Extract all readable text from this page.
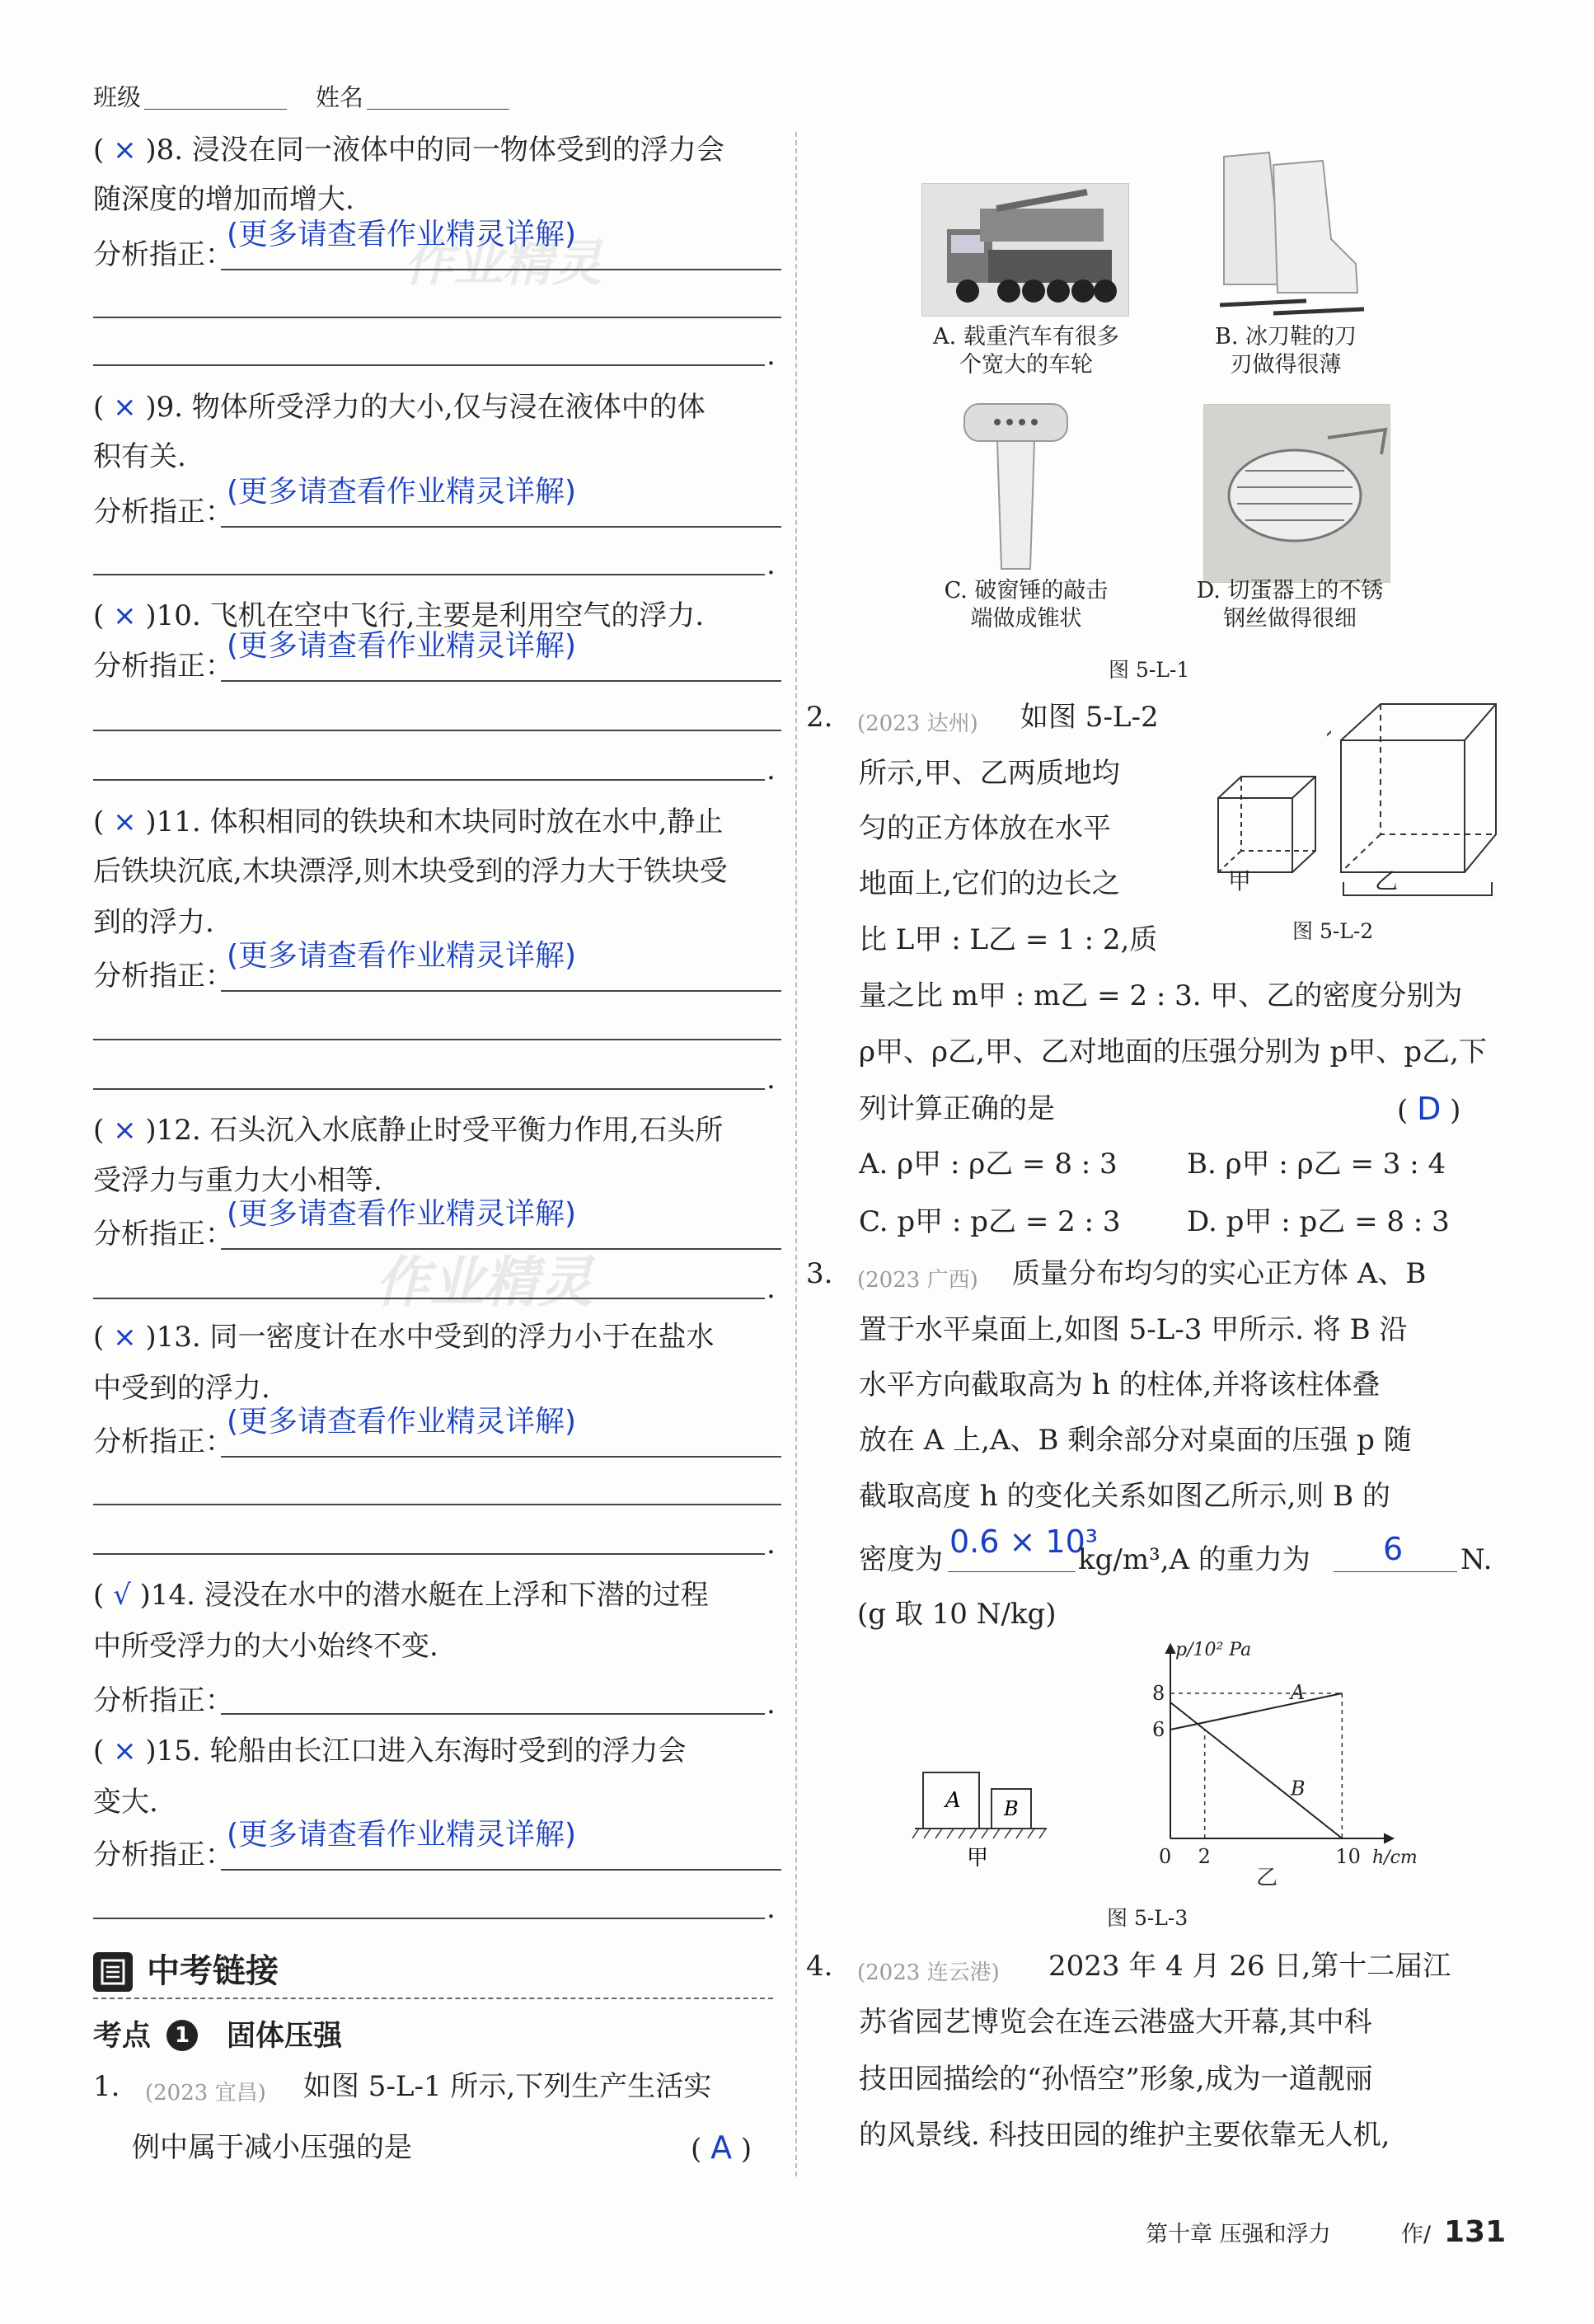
作业精灵
作业精灵
班级	姓名
( × )8. 浸没在同一液体中的同一物体受到的浮力会
随深度的增加而增大.
分析指正：
(更多请查看作业精灵详解)
.
( × )9. 物体所受浮力的大小,仅与浸在液体中的体
积有关.
分析指正：
(更多请查看作业精灵详解)
.
( × )10. 飞机在空中飞行,主要是利用空气的浮力.
分析指正：
(更多请查看作业精灵详解)
.
( × )11. 体积相同的铁块和木块同时放在水中,静止
后铁块沉底,木块漂浮,则木块受到的浮力大于铁块受
到的浮力.
分析指正：
(更多请查看作业精灵详解)
.
( × )12. 石头沉入水底静止时受平衡力作用,石头所
受浮力与重力大小相等.
分析指正：
(更多请查看作业精灵详解)
.
( × )13. 同一密度计在水中受到的浮力小于在盐水
中受到的浮力.
分析指正：
(更多请查看作业精灵详解)
.
( √ )14. 浸没在水中的潜水艇在上浮和下潜的过程
中所受浮力的大小始终不变.
分析指正：	.
( × )15. 轮船由长江口进入东海时受到的浮力会
变大.
分析指正：
(更多请查看作业精灵详解)
.
中考链接
考点	1 固体压强
1. (2023 宜昌) 如图 5-L-1 所示,下列生产生活实
例中属于减小压强的是	( A )
A. 载重汽车有很多
个宽大的车轮
B. 冰刀鞋的刀
刃做得很薄
C. 破窗锤的敲击
端做成锥状
D. 切蛋器上的不锈
钢丝做得很细
图 5-L-1
2. (2023 达州) 如图 5-L-2
所示,甲、乙两质地均
匀的正方体放在水平
地面上,它们的边长之
比 L甲 : L乙 = 1 : 2,质
量之比 m甲 : m乙 = 2 : 3. 甲、乙的密度分别为
ρ甲、ρ乙,甲、乙对地面的压强分别为 p甲、p乙,下
列计算正确的是	( D )
A. ρ甲 : ρ乙 = 8 : 3 B. ρ甲 : ρ乙 = 3 : 4
C. p甲 : p乙 = 2 : 3 D. p甲 : p乙 = 8 : 3
甲	乙
图 5-L-2
3. (2023 广西) 质量分布均匀的实心正方体 A、B
置于水平桌面上,如图 5-L-3 甲所示. 将 B 沿
水平方向截取高为 h 的柱体,并将该柱体叠
放在 A 上,A、B 剩余部分对桌面的压强 p 随
截取高度 h 的变化关系如图乙所示,则 B 的
密度为 0.6 × 10³
kg/m³,A 的重力为 6 N.
(g 取 10 N/kg)
A B
甲
A
B
0 2	10
6
8
p/10² Pa
h/cm
乙
图 5-L-3
4. (2023 连云港) 2023 年 4 月 26 日,第十二届江
苏省园艺博览会在连云港盛大开幕,其中科
技田园描绘的“孙悟空”形象,成为一道靓丽
的风景线. 科技田园的维护主要依靠无人机,
第十章 压强和浮力	作/ 131
